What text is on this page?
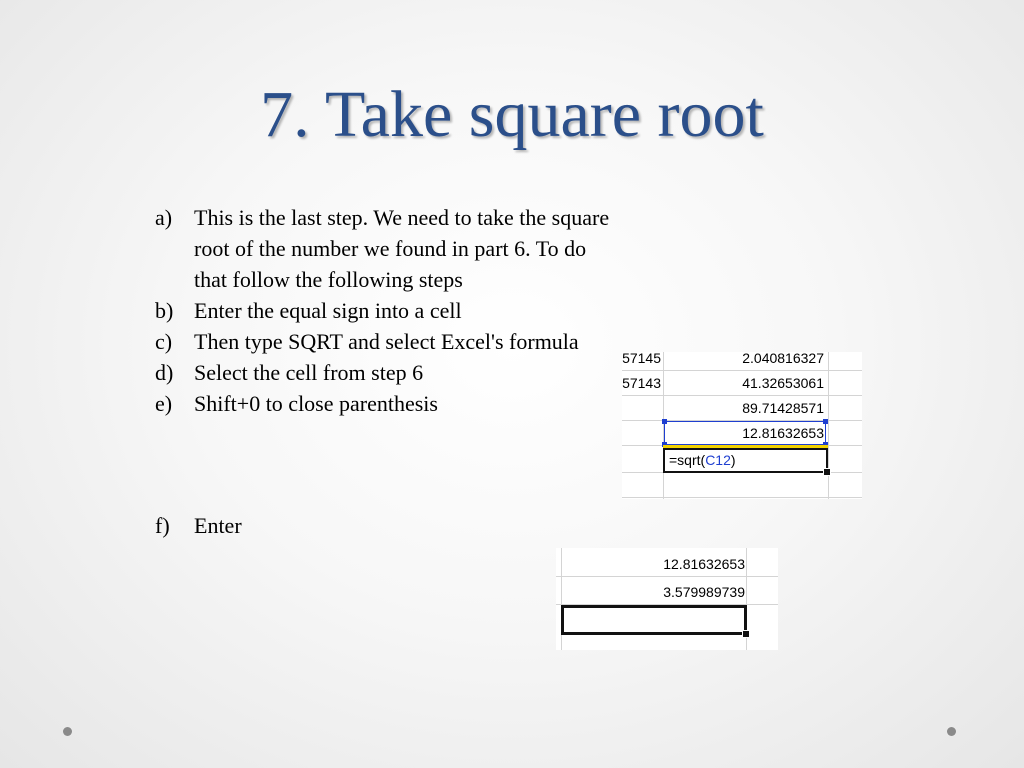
7. Take square root
a) This is the last step. We need to take the square root of the number we found in part 6. To do that follow the following steps
b) Enter the equal sign into a cell
c) Then type SQRT and select Excel's formula
d) Select the cell from step 6
e) Shift+0 to close parenthesis
f) Enter
57145	2.040816327
57143	41.32653061
89.71428571
12.81632653
=sqrt(C12)
12.81632653
3.579989739
